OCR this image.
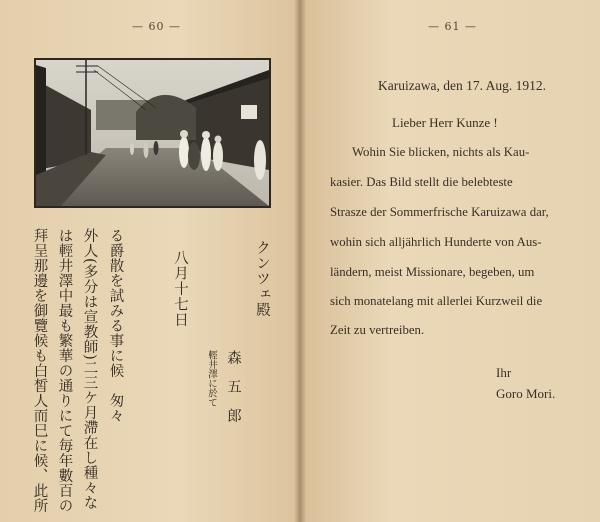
— 60 —
拜呈那邊を御覽候も白皙人而巳に候、此所 は輕井澤中最も繁華の通りにて毎年數百の 外人(多分は宣教師)二三ケ月滯在し種々な る爵散を試みる事に候　匆々	八月十七日
輕井澤に於て 森　五　郎
クンツェ殿
— 61 —
Karuizawa, den 17. Aug. 1912.
Lieber Herr Kunze !
Wohin Sie blicken, nichts als Kau-
kasier. Das Bild stellt die belebteste
Strasze der Sommerfrische Karuizawa dar,
wohin sich alljährlich Hunderte von Aus-
ländern, meist Missionare, begeben, um
sich monatelang mit allerlei Kurzweil die
Zeit zu vertreiben.
Ihr
Goro Mori.
